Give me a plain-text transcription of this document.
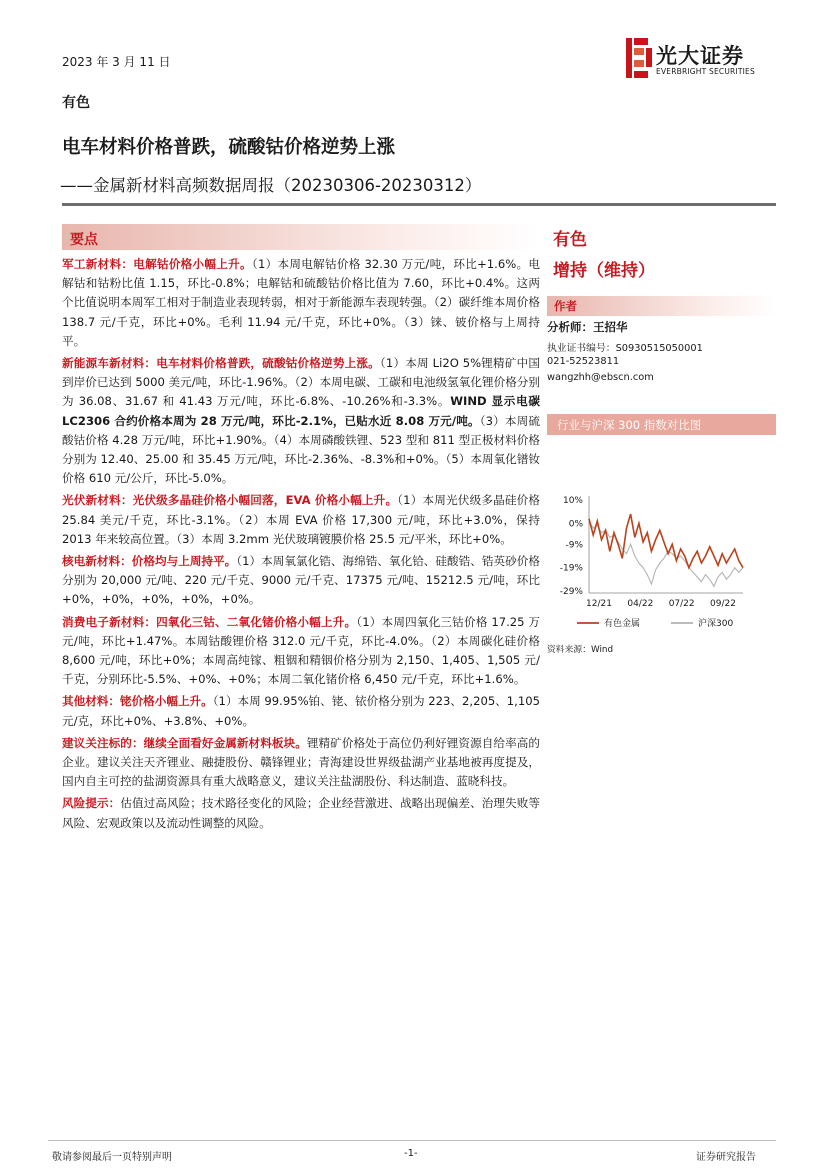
2023 年 3 月 11 日	光大证券
EVERBRIGHT SECURITIES
有色
电车材料价格普跌，硫酸钴价格逆势上涨
——金属新材料高频数据周报（20230306-20230312）
要点

军工新材料：电解钴价格小幅上升。（1）本周电解钴价格 32.30 万元/吨，环比+1.6%。电解钴和钴粉比值 1.15，环比-0.8%；电解钴和硫酸钴价格比值为 7.60，环比+0.4%。这两个比值说明本周军工相对于制造业表现转弱，相对于新能源车表现转强。（2）碳纤维本周价格 138.7 元/千克，环比+0%。毛利 11.94 元/千克，环比+0%。（3）铼、铍价格与上周持平。

新能源车新材料：电车材料价格普跌，硫酸钴价格逆势上涨。（1）本周 Li2O 5%锂精矿中国到岸价已达到 5000 美元/吨，环比-1.96%。（2）本周电碳、工碳和电池级氢氧化锂价格分别为 36.08、31.67 和 41.43 万元/吨，环比-6.8%、-10.26%和-3.3%。WIND 显示电碳 LC2306 合约价格本周为 28 万元/吨，环比-2.1%，已贴水近 8.08 万元/吨。（3）本周硫酸钴价格 4.28 万元/吨，环比+1.90%。（4）本周磷酸铁锂、523 型和 811 型正极材料价格分别为 12.40、25.00 和 35.45 万元/吨，环比-2.36%、-8.3%和+0%。（5）本周氧化镨钕价格 610 元/公斤，环比-5.0%。

光伏新材料：光伏级多晶硅价格小幅回落，EVA 价格小幅上升。（1）本周光伏级多晶硅价格 25.84 美元/千克，环比-3.1%。（2）本周 EVA 价格 17,300 元/吨，环比+3.0%，保持 2013 年来较高位置。（3）本周 3.2mm 光伏玻璃镀膜价格 25.5 元/平米，环比+0%。

核电新材料：价格均与上周持平。（1）本周氧氯化锆、海绵锆、氧化铪、硅酸锆、锆英砂价格分别为 20,000 元/吨、220 元/千克、9000 元/千克、17375 元/吨、15212.5 元/吨，环比+0%，+0%，+0%，+0%，+0%。

消费电子新材料：四氧化三钴、二氧化锗价格小幅上升。（1）本周四氧化三钴价格 17.25 万元/吨，环比+1.47%。本周钴酸锂价格 312.0 元/千克，环比-4.0%。（2）本周碳化硅价格 8,600 元/吨，环比+0%；本周高纯镓、粗铟和精铟价格分别为 2,150、1,405、1,505 元/千克，分别环比-5.5%、+0%、+0%；本周二氧化锗价格 6,450 元/千克，环比+1.6%。

其他材料：铑价格小幅上升。（1）本周 99.95%铂、铑、铱价格分别为 223、2,205、1,105 元/克，环比+0%、+3.8%、+0%。

建议关注标的：继续全面看好金属新材料板块。锂精矿价格处于高位仍利好锂资源自给率高的企业。建议关注天齐锂业、融捷股份、赣锋锂业；青海建设世界级盐湖产业基地被再度提及，国内自主可控的盐湖资源具有重大战略意义，建议关注盐湖股份、科达制造、蓝晓科技。

风险提示：估值过高风险；技术路径变化的风险；企业经营激进、战略出现偏差、治理失败等风险、宏观政策以及流动性调整的风险。

有色
增持（维持）
作者
分析师：王招华
执业证书编号：S0930515050001
021-52523811
wangzhh@ebscn.com
行业与沪深 300 指数对比图
10%
0%
-9%
-19%
-29%
12/21 04/22 07/22 09/22
有色金属	沪深300
资料来源：Wind
敬请参阅最后一页特别声明	-1-	证券研究报告
